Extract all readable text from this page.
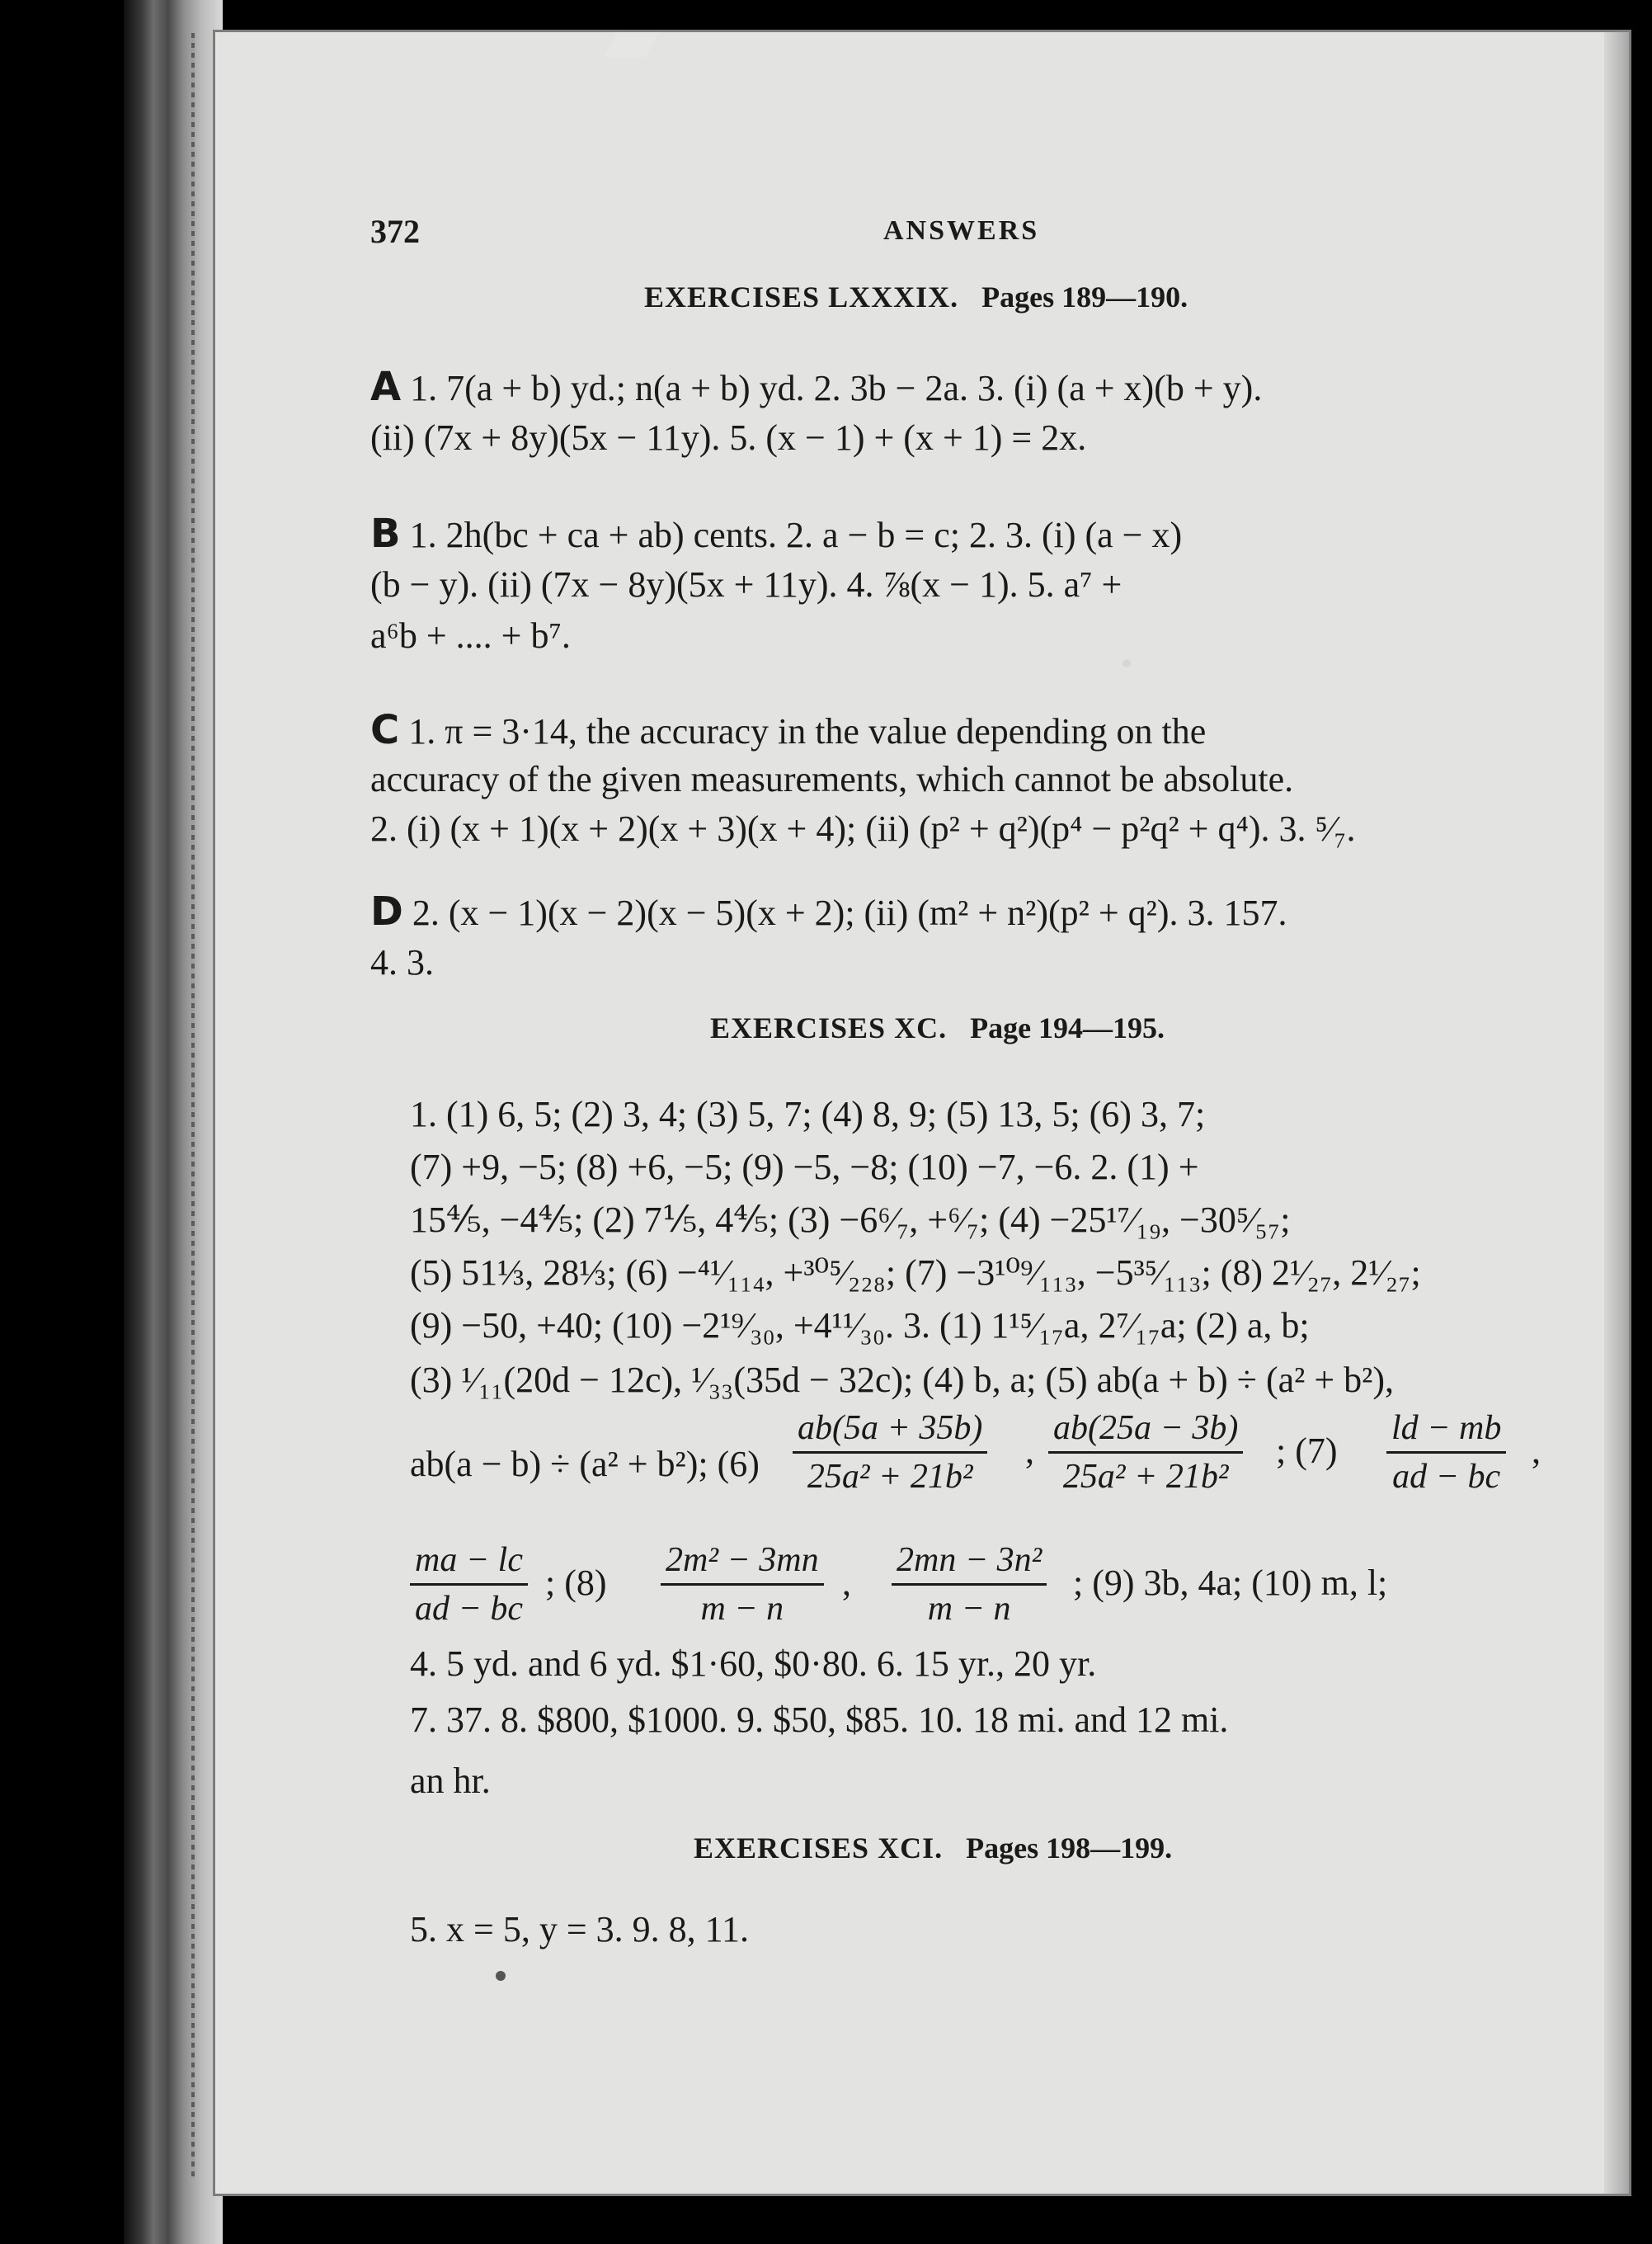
372	ANSWERS
EXERCISES LXXXIX. Pages 189—190.
A 1. 7(a + b) yd.; n(a + b) yd. 2. 3b − 2a. 3. (i) (a + x)(b + y).
(ii) (7x + 8y)(5x − 11y). 5. (x − 1) + (x + 1) = 2x.
B 1. 2h(bc + ca + ab) cents. 2. a − b = c; 2. 3. (i) (a − x)
(b − y). (ii) (7x − 8y)(5x + 11y). 4. ⅞(x − 1). 5. a⁷ +
a⁶b + .... + b⁷.
C 1. π = 3·14, the accuracy in the value depending on the
accuracy of the given measurements, which cannot be absolute.
2. (i) (x + 1)(x + 2)(x + 3)(x + 4); (ii) (p² + q²)(p⁴ − p²q² + q⁴). 3. ⁵⁄₇.
D 2. (x − 1)(x − 2)(x − 5)(x + 2); (ii) (m² + n²)(p² + q²). 3. 157.
4. 3.
EXERCISES XC. Page 194—195.
1. (1) 6, 5; (2) 3, 4; (3) 5, 7; (4) 8, 9; (5) 13, 5; (6) 3, 7;
(7) +9, −5; (8) +6, −5; (9) −5, −8; (10) −7, −6. 2. (1) +
15⅘, −4⅘; (2) 7⅕, 4⅘; (3) −6⁶⁄₇, +⁶⁄₇; (4) −25¹⁷⁄₁₉, −30⁵⁄₅₇;
(5) 51⅓, 28⅓; (6) −⁴¹⁄₁₁₄, +³⁰⁵⁄₂₂₈; (7) −3¹⁰⁹⁄₁₁₃, −5³⁵⁄₁₁₃; (8) 2¹⁄₂₇, 2¹⁄₂₇;
(9) −50, +40; (10) −2¹⁹⁄₃₀, +4¹¹⁄₃₀. 3. (1) 1¹⁵⁄₁₇a, 2⁷⁄₁₇a; (2) a, b;
(3) ¹⁄₁₁(20d − 12c), ¹⁄₃₃(35d − 32c); (4) b, a; (5) ab(a + b) ÷ (a² + b²),
ab(a − b) ÷ (a² + b²); $(6) \frac{ab(5a + 35b)}{\text{25a² + 21b²}}$ , $\frac{ab(25a - 3b)}{\text{25a² + 21b²}}$ ; $(7) \frac{ld - mb}{ad - bc}$ ,
$\frac{ma - lc}{ad - bc}$ ; $(8) \frac{\text{2m² − 3mn}}{m - n}$ , $\frac{\text{2mn − 3n²}}{m - n}$ ; (9) 3b, 4a; (10) m, l;
4. 5 yd. and 6 yd. $1·60, $0·80. 6. 15 yr., 20 yr.
7. 37. 8. $800, $1000. 9. $50, $85. 10. 18 mi. and 12 mi.
an hr.
EXERCISES XCI. Pages 198—199.
5. x = 5, y = 3. 9. 8, 11.
